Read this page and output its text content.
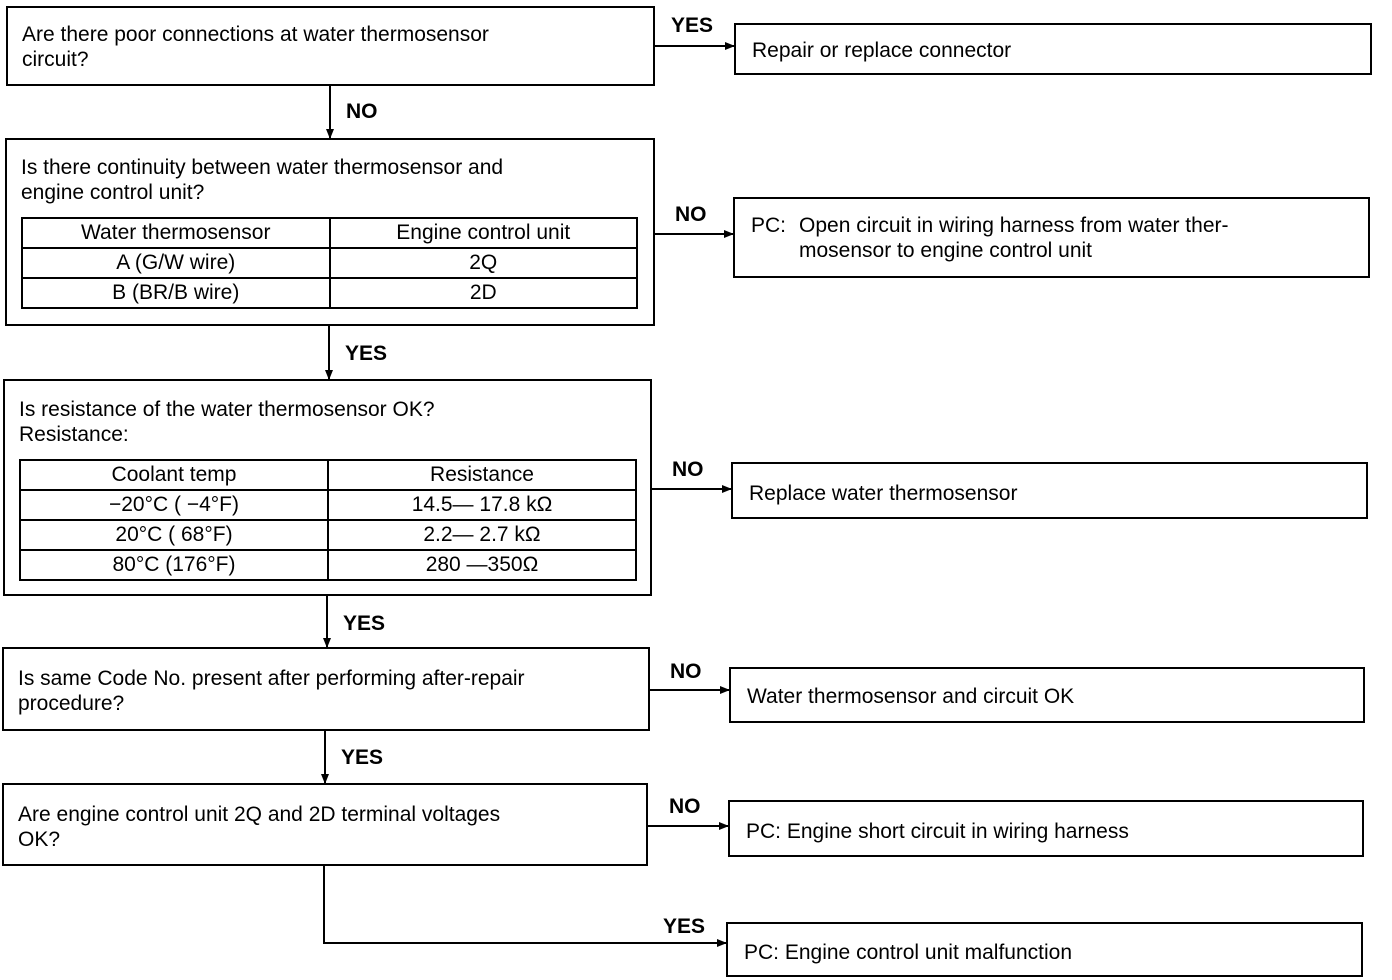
Are there poor connections at water thermosensor
circuit?
YES
NO
Repair or replace connector
Is there continuity between water thermosensor and
engine control unit?
Water thermosensor	Engine control unit
A (G/W wire)	2Q
B (BR/B wire)	2D
NO
YES
PC: Open circuit in wiring harness from water ther-
mosensor to engine control unit
Is resistance of the water thermosensor OK?
Resistance:
Coolant temp	Resistance
−20°C ( −4°F)	14.5— 17.8 kΩ
20°C ( 68°F)	2.2— 2.7 kΩ
80°C (176°F)	280 —350Ω
NO
YES
Replace water thermosensor
Is same Code No. present after performing after-repair
procedure?
NO
YES
Water thermosensor and circuit OK
Are engine control unit 2Q and 2D terminal voltages
OK?
NO
YES
PC: Engine short circuit in wiring harness
PC: Engine control unit malfunction
